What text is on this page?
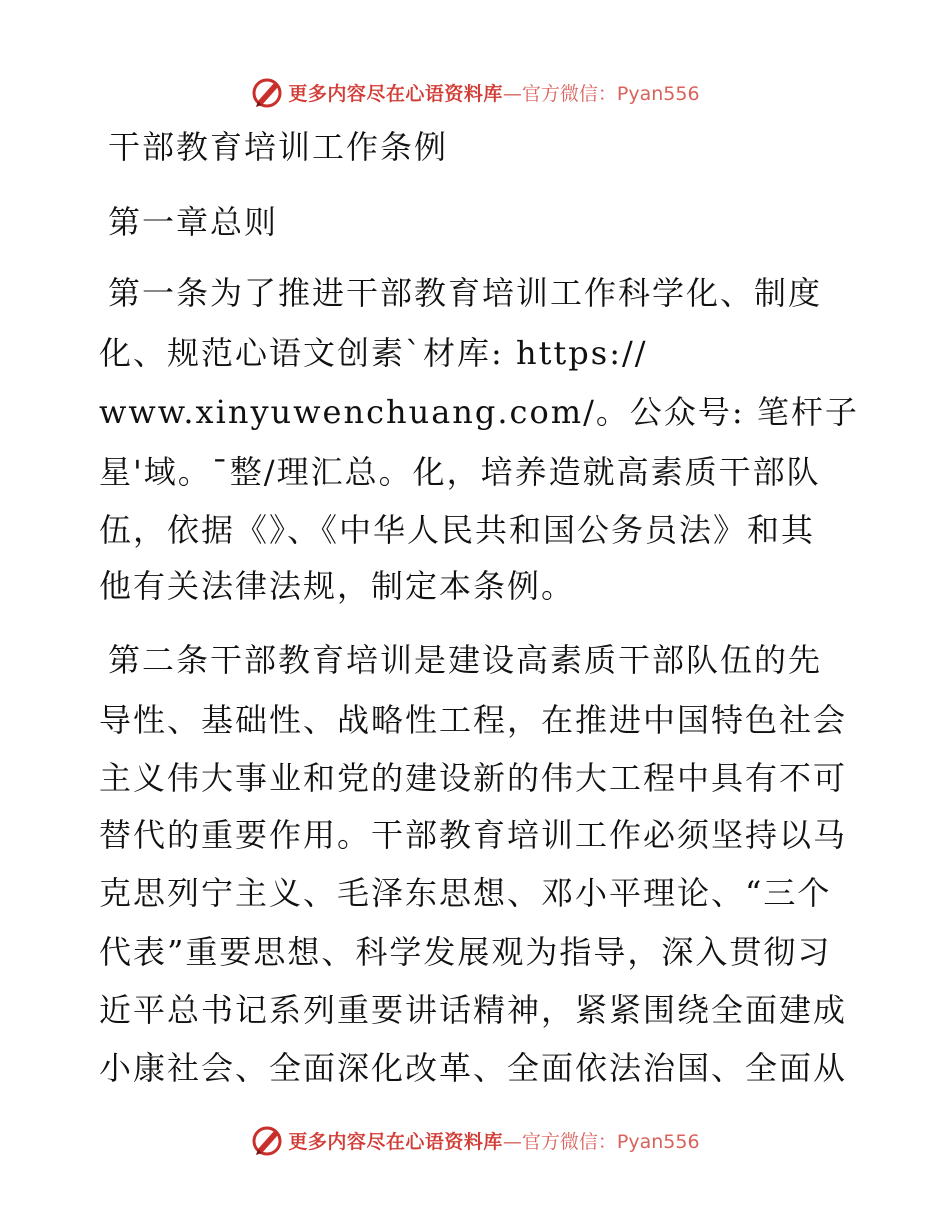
更多内容尽在心语资料库 —官方微信：Pyan556
干部教育培训工作条例
第一章总则
第一条为了推进干部教育培训工作科学化、制度
化、规范心语文创素`材库: https://
www.xinyuwenchuang.com/。公众号: 笔杆子
星'域。¯整/理汇总。化，培养造就高素质干部队
伍，依据《》、《中华人民共和国公务员法》和其
他有关法律法规，制定本条例。
第二条干部教育培训是建设高素质干部队伍的先
导性、基础性、战略性工程，在推进中国特色社会
主义伟大事业和党的建设新的伟大工程中具有不可
替代的重要作用。干部教育培训工作必须坚持以马
克思列宁主义、毛泽东思想、邓小平理论、“三个
代表”重要思想、科学发展观为指导，深入贯彻习
近平总书记系列重要讲话精神，紧紧围绕全面建成
小康社会、全面深化改革、全面依法治国、全面从
更多内容尽在心语资料库 —官方微信：Pyan556
